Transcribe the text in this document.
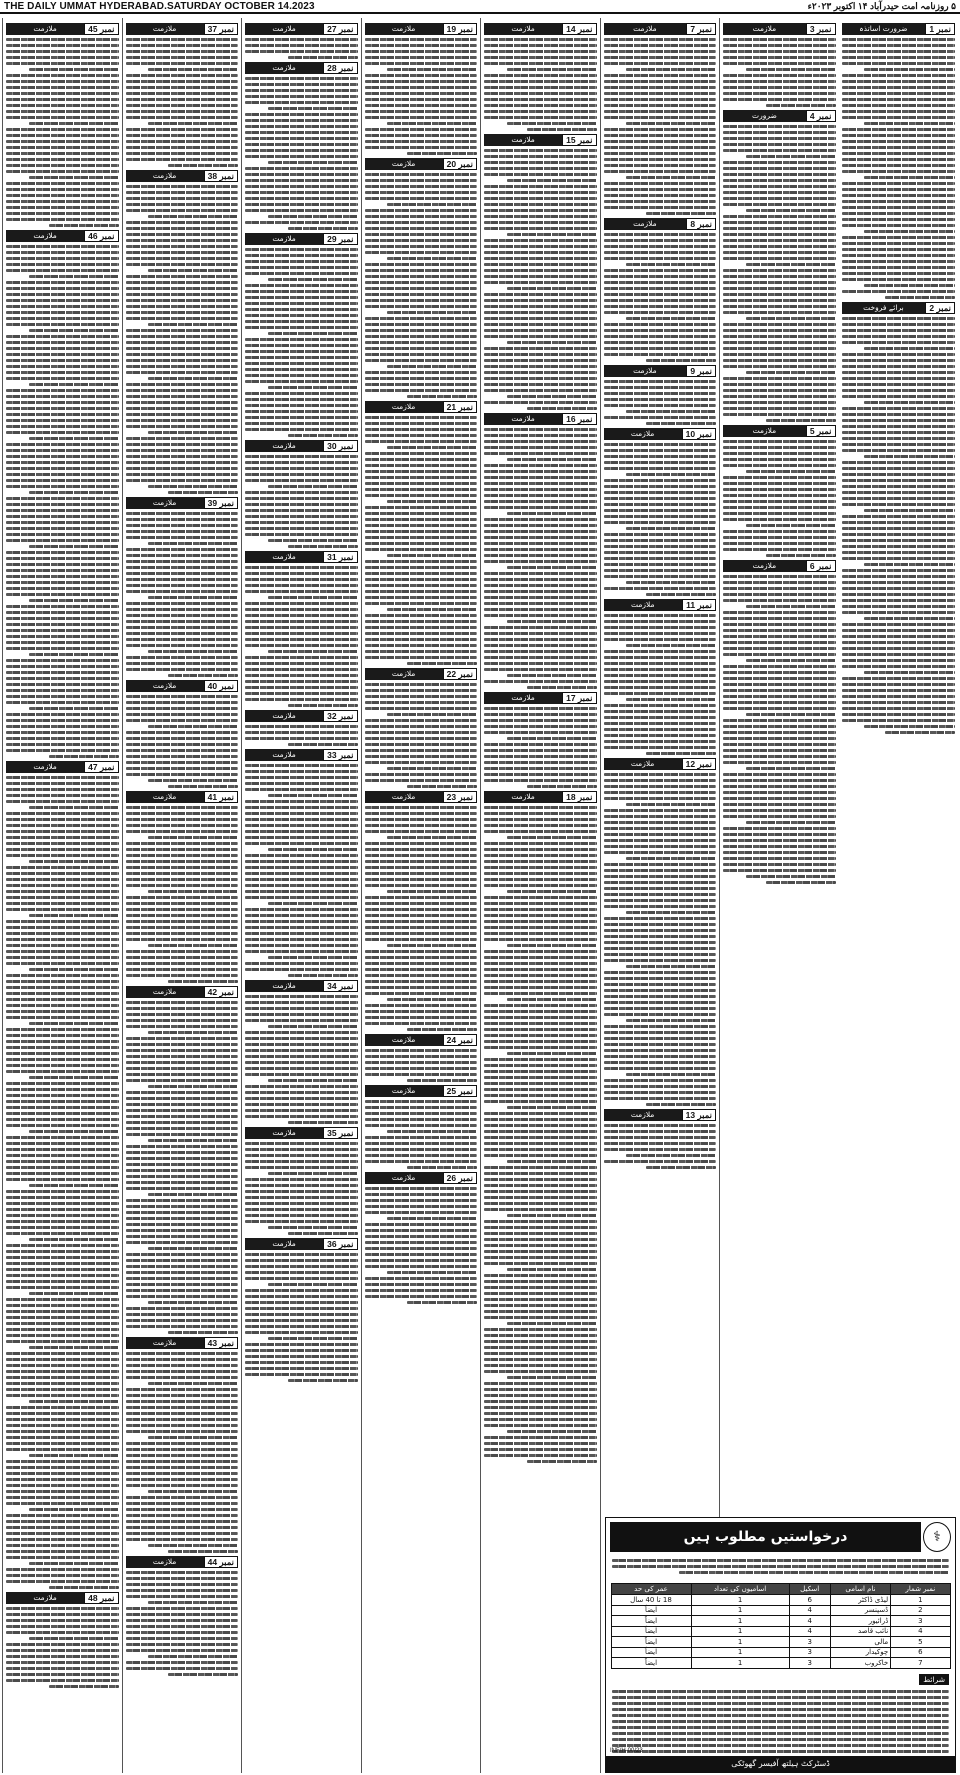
THE DAILY UMMAT HYDERABAD.SATURDAY OCTOBER 14.2023	۵ روزنامہ امت حیدرآباد ۱۴ اکتوبر ۲۰۲۳ء
نمبر 1
ضرورت اساتذہ
نمبر 2
برائے فروخت
نمبر 3
ملازمت
نمبر 4
ضرورت
نمبر 5
ملازمت
نمبر 6
ملازمت
نمبر 7
ملازمت
نمبر 8
ملازمت
نمبر 9
ملازمت
نمبر 10
ملازمت
نمبر 11
ملازمت
نمبر 12
ملازمت
نمبر 13
ملازمت
نمبر 14
ملازمت
نمبر 15
ملازمت
نمبر 16
ملازمت
نمبر 17
ملازمت
نمبر 18
ملازمت
نمبر 19
ملازمت
نمبر 20
ملازمت
نمبر 21
ملازمت
نمبر 22
ملازمت
نمبر 23
ملازمت
نمبر 24
ملازمت
نمبر 25
ملازمت
نمبر 26
ملازمت
نمبر 27
ملازمت
نمبر 28
ملازمت
نمبر 29
ملازمت
نمبر 30
ملازمت
نمبر 31
ملازمت
نمبر 32
ملازمت
نمبر 33
ملازمت
نمبر 34
ملازمت
نمبر 35
ملازمت
نمبر 36
ملازمت
نمبر 37
ملازمت
نمبر 38
ملازمت
نمبر 39
ملازمت
نمبر 40
ملازمت
نمبر 41
ملازمت
نمبر 42
ملازمت
نمبر 43
ملازمت
نمبر 44
ملازمت
نمبر 45
ملازمت
نمبر 46
ملازمت
نمبر 47
ملازمت
نمبر 48
ملازمت
⚕
درخواستیں مطلوب ہیں
نمبر شمار	نام اسامی	اسکیل	اسامیوں کی تعداد	عمر کی حد
1	لیڈی ڈاکٹر	6	1	18 تا 40 سال
2	ڈسپنسر	4	1	ایضاً
3	ڈرائیور	4	1	ایضاً
4	نائب قاصد	4	1	ایضاً
5	مالی	3	1	ایضاً
6	چوکیدار	3	1	ایضاً
7	خاکروب	3	1	ایضاً
شرائط
INF/H-00/23
ڈسٹرکٹ ہیلتھ آفیسر گھوٹکی
